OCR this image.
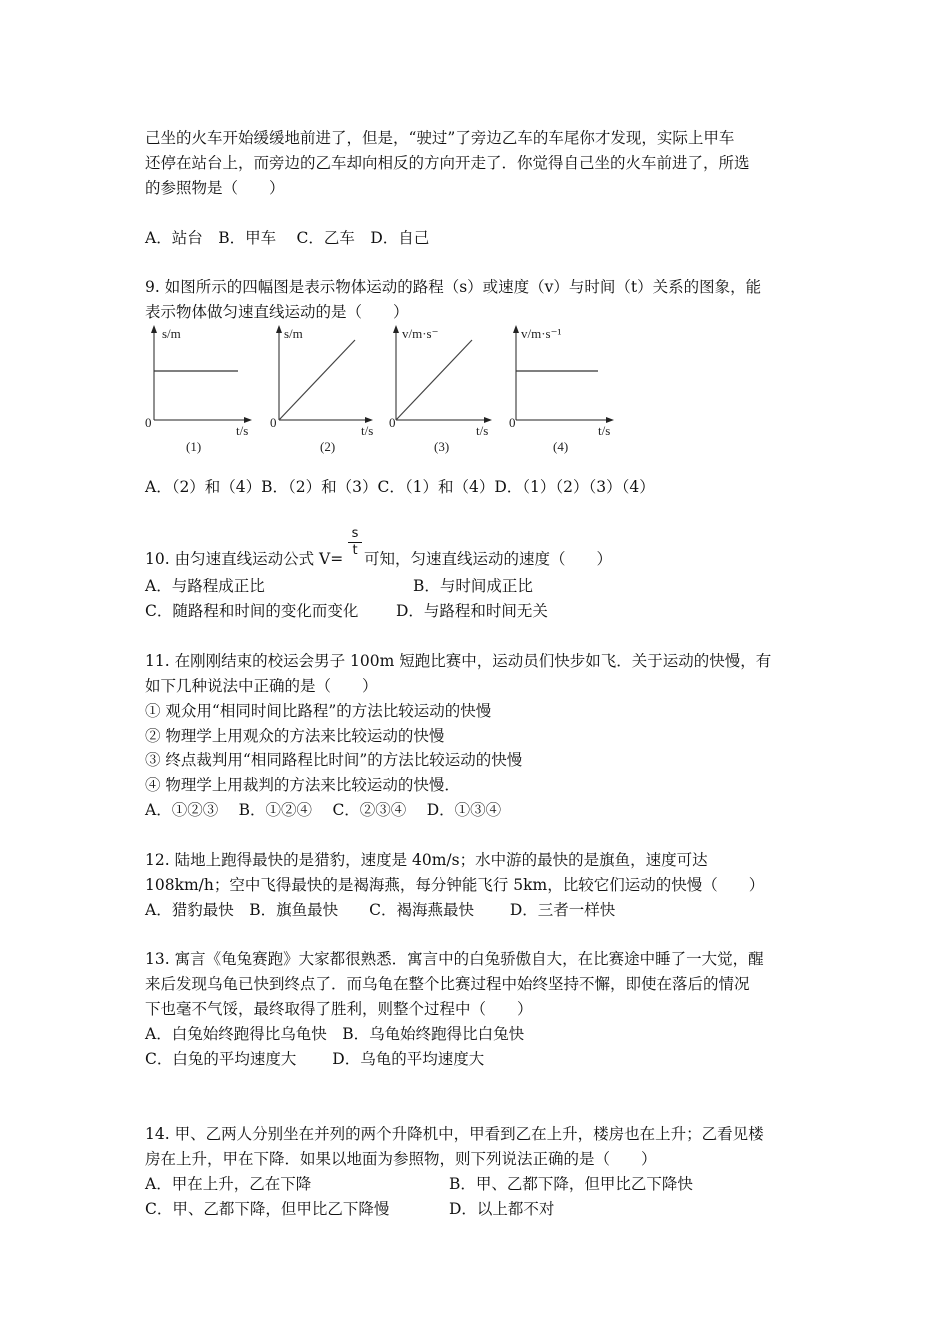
己坐的火车开始缓缓地前进了，但是，“驶过”了旁边乙车的车尾你才发现，实际上甲车
还停在站台上，而旁边的乙车却向相反的方向开走了．你觉得自己坐的火车前进了，所选
的参照物是（　　）
A．站台　B．甲车　 C．乙车　D．自己
9. 如图所示的四幅图是表示物体运动的路程（s）或速度（v）与时间（t）关系的图象，能
表示物体做匀速直线运动的是（　　）
s/m
0
t/s
(1)
s/m
0
t/s
(2)
v/m·s⁻
0
t/s
(3)
v/m·s⁻¹
0
t/s
(4)
A．（2）和（4）B．（2）和（3）C．（1）和（4）D．（1）（2）（3）（4）
10. 由匀速直线运动公式 V=
s
t 可知，匀速直线运动的速度（　　）
A．与路程成正比	B．与时间成正比
C．随路程和时间的变化而变化 D．与路程和时间无关
11. 在刚刚结束的校运会男子 100m 短跑比赛中，运动员们快步如飞．关于运动的快慢，有
如下几种说法中正确的是（　　）
① 观众用“相同时间比路程”的方法比较运动的快慢
② 物理学上用观众的方法来比较运动的快慢
③ 终点裁判用“相同路程比时间”的方法比较运动的快慢
④ 物理学上用裁判的方法来比较运动的快慢．
A．①②③　 B．①②④　 C．②③④　 D．①③④
12. 陆地上跑得最快的是猎豹，速度是 40m/s；水中游的最快的是旗鱼，速度可达
108km/h；空中飞得最快的是褐海燕，每分钟能飞行 5km，比较它们运动的快慢（　　）
A．猎豹最快　B．旗鱼最快　　C．褐海燕最快　　 D．三者一样快
13. 寓言《龟兔赛跑》大家都很熟悉．寓言中的白兔骄傲自大，在比赛途中睡了一大觉，醒
来后发现乌龟已快到终点了．而乌龟在整个比赛过程中始终坚持不懈，即使在落后的情况
下也毫不气馁，最终取得了胜利，则整个过程中（　　）
A．白兔始终跑得比乌龟快　B．乌龟始终跑得比白兔快
C．白兔的平均速度大　　 D．乌龟的平均速度大
14. 甲、乙两人分别坐在并列的两个升降机中，甲看到乙在上升，楼房也在上升；乙看见楼
房在上升，甲在下降．如果以地面为参照物，则下列说法正确的是（　　）
A．甲在上升，乙在下降	B．甲、乙都下降，但甲比乙下降快
C．甲、乙都下降，但甲比乙下降慢	D．以上都不对
